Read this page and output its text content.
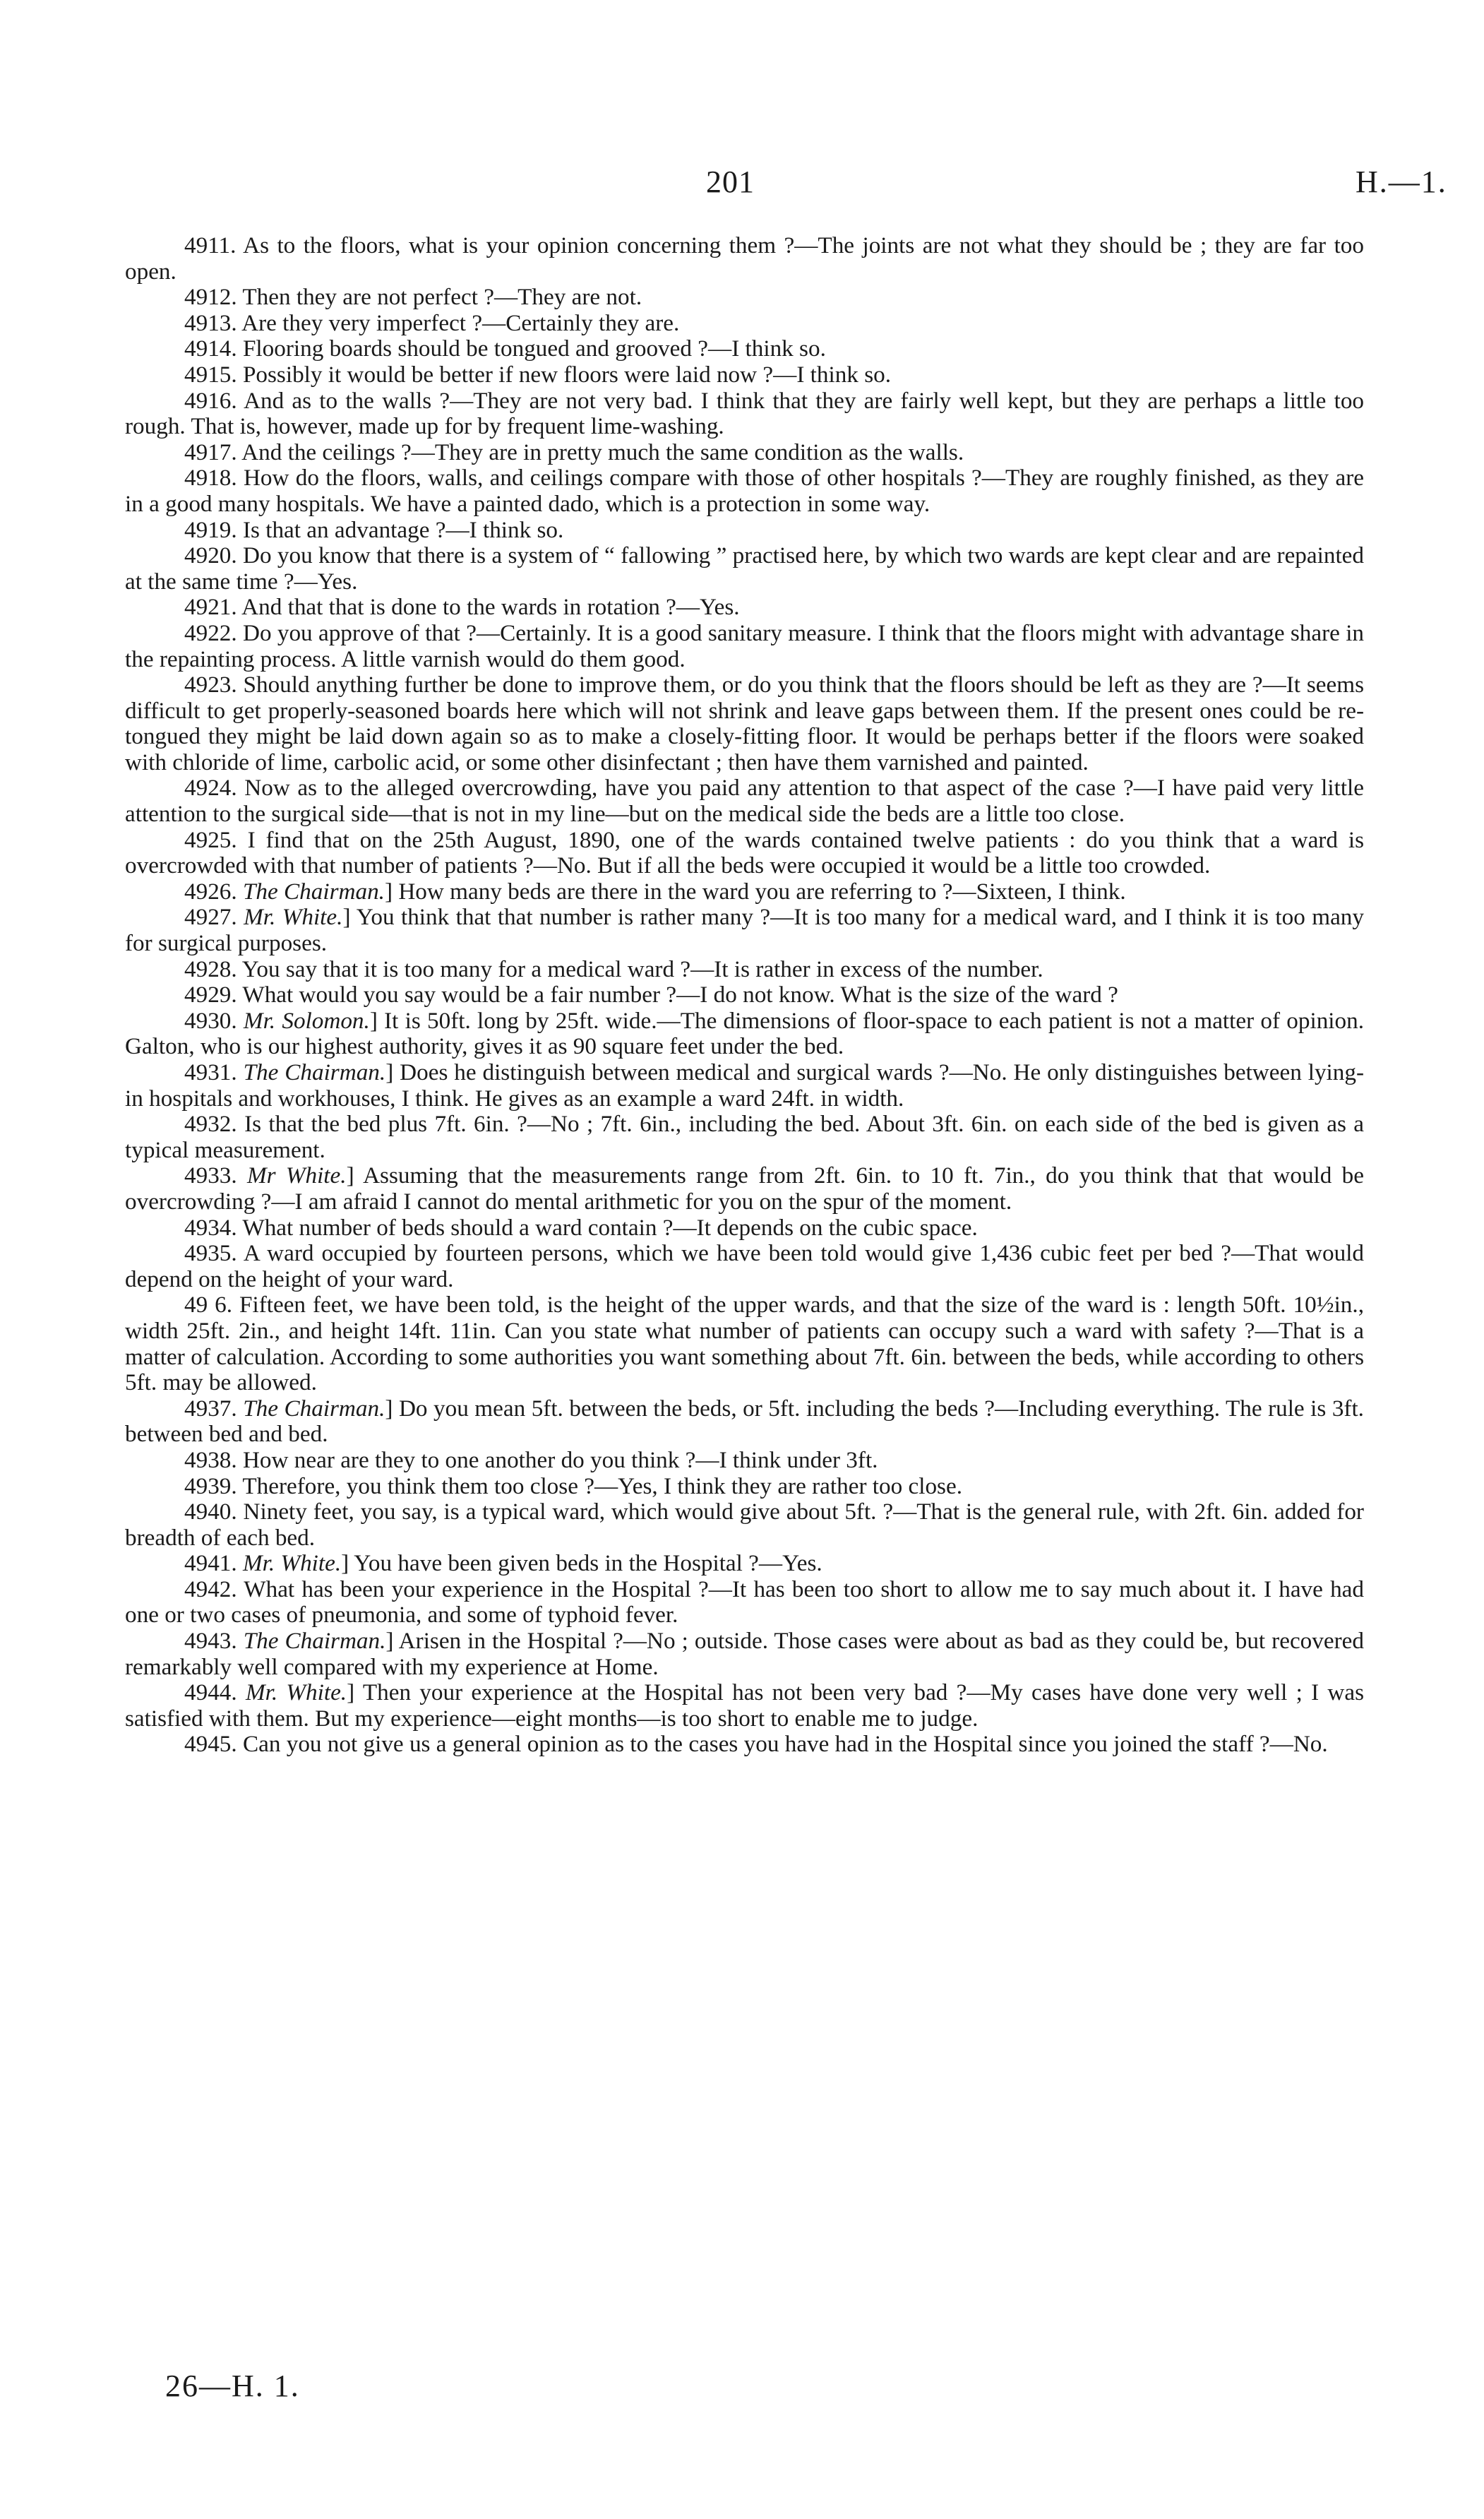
201	H.—1.

4911. As to the floors, what is your opinion concerning them ?—The joints are not what they should be ; they are far too open.

4912. Then they are not perfect ?—They are not.

4913. Are they very imperfect ?—Certainly they are.

4914. Flooring boards should be tongued and grooved ?—I think so.

4915. Possibly it would be better if new floors were laid now ?—I think so.

4916. And as to the walls ?—They are not very bad. I think that they are fairly well kept, but they are perhaps a little too rough. That is, however, made up for by frequent lime-washing.

4917. And the ceilings ?—They are in pretty much the same condition as the walls.

4918. How do the floors, walls, and ceilings compare with those of other hospitals ?—They are roughly finished, as they are in a good many hospitals. We have a painted dado, which is a protection in some way.

4919. Is that an advantage ?—I think so.

4920. Do you know that there is a system of “ fallowing ” practised here, by which two wards are kept clear and are repainted at the same time ?—Yes.

4921. And that that is done to the wards in rotation ?—Yes.

4922. Do you approve of that ?—Certainly. It is a good sanitary measure. I think that the floors might with advantage share in the repainting process. A little varnish would do them good.

4923. Should anything further be done to improve them, or do you think that the floors should be left as they are ?—It seems difficult to get properly-seasoned boards here which will not shrink and leave gaps between them. If the present ones could be re-tongued they might be laid down again so as to make a closely-fitting floor. It would be perhaps better if the floors were soaked with chloride of lime, carbolic acid, or some other disinfectant ; then have them varnished and painted.

4924. Now as to the alleged overcrowding, have you paid any attention to that aspect of the case ?—I have paid very little attention to the surgical side—that is not in my line—but on the medical side the beds are a little too close.

4925. I find that on the 25th August, 1890, one of the wards contained twelve patients : do you think that a ward is overcrowded with that number of patients ?—No. But if all the beds were occupied it would be a little too crowded.

4926. The Chairman.] How many beds are there in the ward you are referring to ?—Sixteen, I think.

4927. Mr. White.] You think that that number is rather many ?—It is too many for a medical ward, and I think it is too many for surgical purposes.

4928. You say that it is too many for a medical ward ?—It is rather in excess of the number.

4929. What would you say would be a fair number ?—I do not know. What is the size of the ward ?

4930. Mr. Solomon.] It is 50ft. long by 25ft. wide.—The dimensions of floor-space to each patient is not a matter of opinion. Galton, who is our highest authority, gives it as 90 square feet under the bed.

4931. The Chairman.] Does he distinguish between medical and surgical wards ?—No. He only distinguishes between lying-in hospitals and workhouses, I think. He gives as an example a ward 24ft. in width.

4932. Is that the bed plus 7ft. 6in. ?—No ; 7ft. 6in., including the bed. About 3ft. 6in. on each side of the bed is given as a typical measurement.

4933. Mr White.] Assuming that the measurements range from 2ft. 6in. to 10 ft. 7in., do you think that that would be overcrowding ?—I am afraid I cannot do mental arithmetic for you on the spur of the moment.

4934. What number of beds should a ward contain ?—It depends on the cubic space.

4935. A ward occupied by fourteen persons, which we have been told would give 1,436 cubic feet per bed ?—That would depend on the height of your ward.

49 6. Fifteen feet, we have been told, is the height of the upper wards, and that the size of the ward is : length 50ft. 10½in., width 25ft. 2in., and height 14ft. 11in. Can you state what number of patients can occupy such a ward with safety ?—That is a matter of calculation. According to some authorities you want something about 7ft. 6in. between the beds, while according to others 5ft. may be allowed.

4937. The Chairman.] Do you mean 5ft. between the beds, or 5ft. including the beds ?—Including everything. The rule is 3ft. between bed and bed.

4938. How near are they to one another do you think ?—I think under 3ft.

4939. Therefore, you think them too close ?—Yes, I think they are rather too close.

4940. Ninety feet, you say, is a typical ward, which would give about 5ft. ?—That is the general rule, with 2ft. 6in. added for breadth of each bed.

4941. Mr. White.] You have been given beds in the Hospital ?—Yes.

4942. What has been your experience in the Hospital ?—It has been too short to allow me to say much about it. I have had one or two cases of pneumonia, and some of typhoid fever.

4943. The Chairman.] Arisen in the Hospital ?—No ; outside. Those cases were about as bad as they could be, but recovered remarkably well compared with my experience at Home.

4944. Mr. White.] Then your experience at the Hospital has not been very bad ?—My cases have done very well ; I was satisfied with them. But my experience—eight months—is too short to enable me to judge.

4945. Can you not give us a general opinion as to the cases you have had in the Hospital since you joined the staff ?—No.

26—H. 1.
